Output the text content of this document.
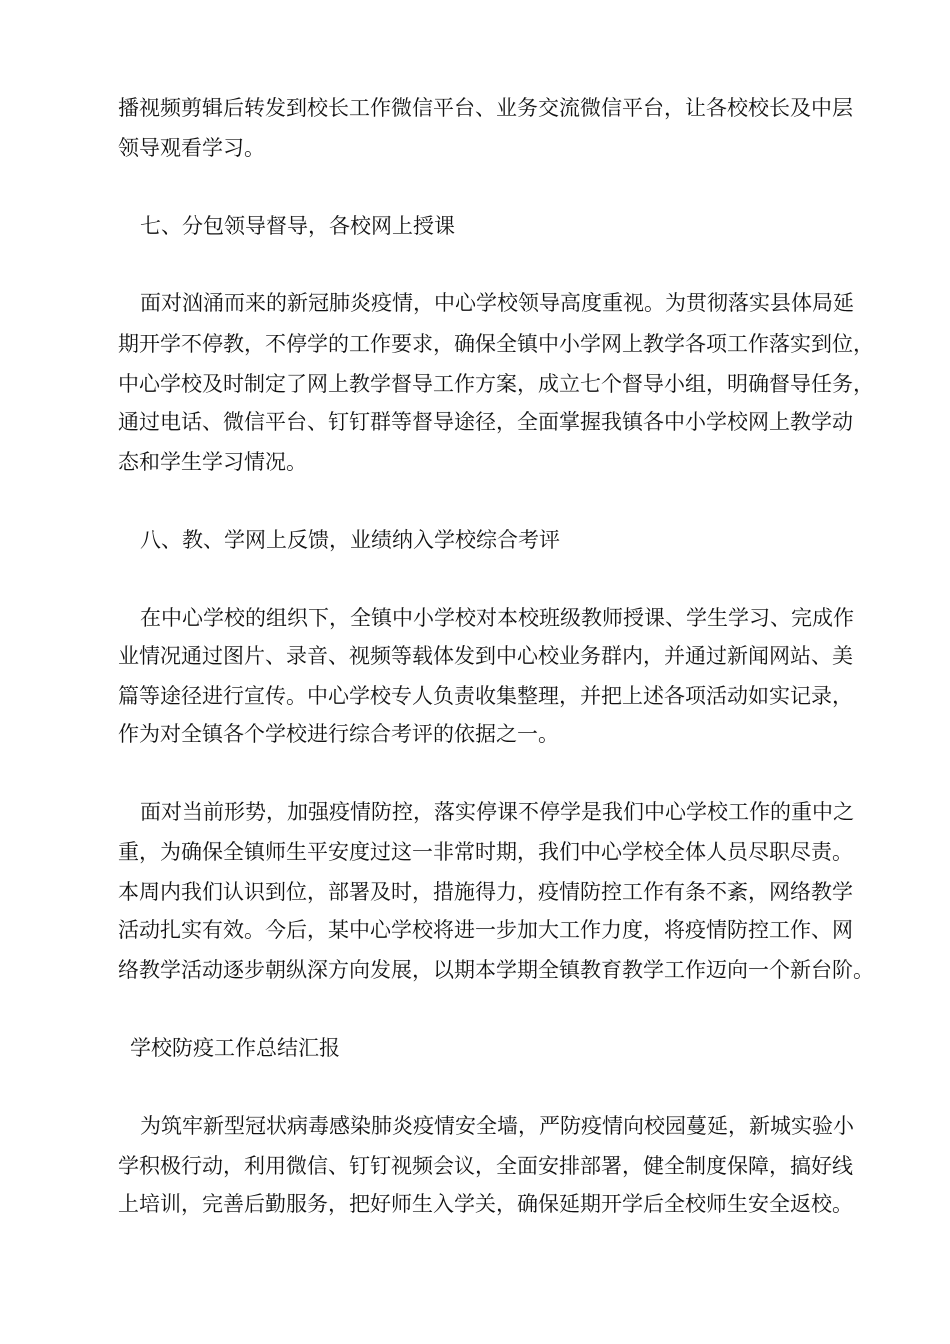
播视频剪辑后转发到校长工作微信平台、业务交流微信平台，让各校校长及中层
领导观看学习。
七、分包领导督导，各校网上授课
面对汹涌而来的新冠肺炎疫情，中心学校领导高度重视。为贯彻落实县体局延
期开学不停教，不停学的工作要求，确保全镇中小学网上教学各项工作落实到位，
中心学校及时制定了网上教学督导工作方案，成立七个督导小组，明确督导任务，
通过电话、微信平台、钉钉群等督导途径，全面掌握我镇各中小学校网上教学动
态和学生学习情况。
八、教、学网上反馈，业绩纳入学校综合考评
在中心学校的组织下，全镇中小学校对本校班级教师授课、学生学习、完成作
业情况通过图片、录音、视频等载体发到中心校业务群内，并通过新闻网站、美
篇等途径进行宣传。中心学校专人负责收集整理，并把上述各项活动如实记录，
作为对全镇各个学校进行综合考评的依据之一。
面对当前形势，加强疫情防控，落实停课不停学是我们中心学校工作的重中之
重，为确保全镇师生平安度过这一非常时期，我们中心学校全体人员尽职尽责。
本周内我们认识到位，部署及时，措施得力，疫情防控工作有条不紊，网络教学
活动扎实有效。今后，某中心学校将进一步加大工作力度，将疫情防控工作、网
络教学活动逐步朝纵深方向发展，以期本学期全镇教育教学工作迈向一个新台阶。
学校防疫工作总结汇报
为筑牢新型冠状病毒感染肺炎疫情安全墙，严防疫情向校园蔓延，新城实验小
学积极行动，利用微信、钉钉视频会议，全面安排部署，健全制度保障，搞好线
上培训，完善后勤服务，把好师生入学关，确保延期开学后全校师生安全返校。
